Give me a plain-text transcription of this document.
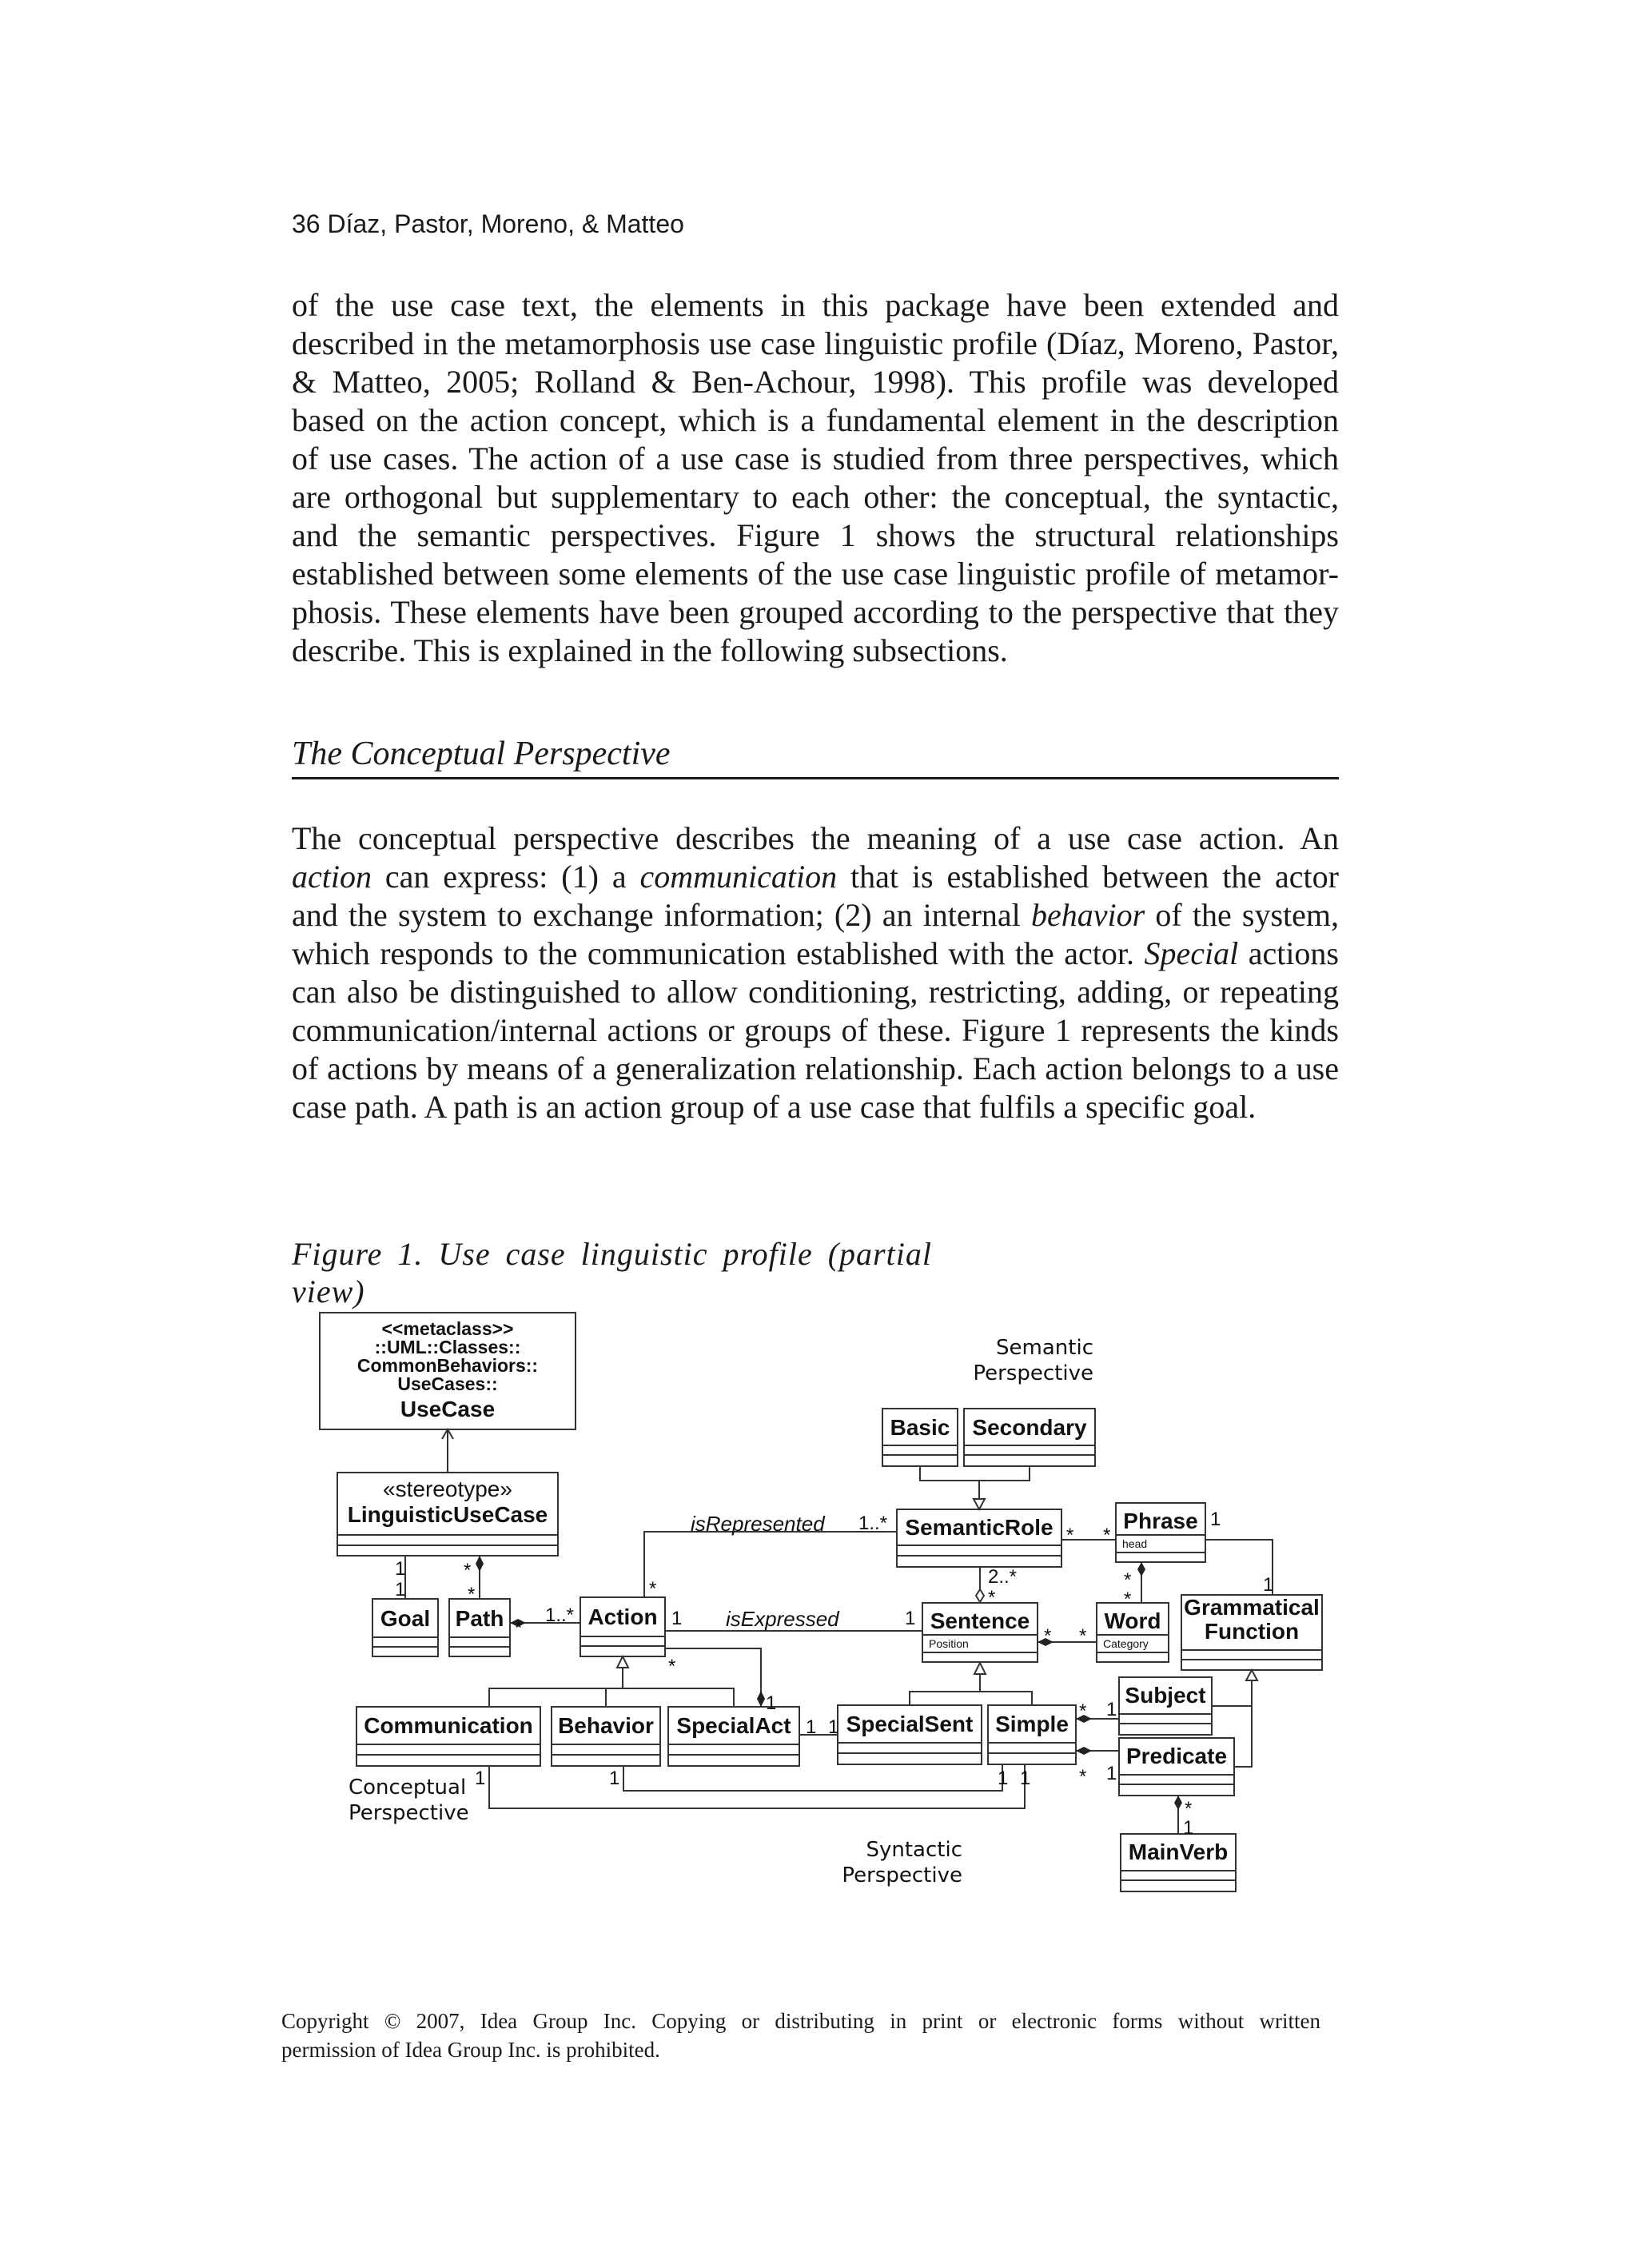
36 Díaz, Pastor, Moreno, & Matteo
of the use case text, the elements in this package have been extended and
described in the metamorphosis use case linguistic profile (Díaz, Moreno, Pastor,
& Matteo, 2005; Rolland & Ben-Achour, 1998). This profile was developed
based on the action concept, which is a fundamental element in the description
of use cases. The action of a use case is studied from three perspectives, which
are orthogonal but supplementary to each other: the conceptual, the syntactic,
and the semantic perspectives. Figure 1 shows the structural relationships
established between some elements of the use case linguistic profile of metamor-
phosis. These elements have been grouped according to the perspective that they
describe. This is explained in the following subsections.
The Conceptual Perspective
The conceptual perspective describes the meaning of a use case action. An
action can express: (1) a communication that is established between the actor
and the system to exchange information; (2) an internal behavior of the system,
which responds to the communication established with the actor. Special actions
can also be distinguished to allow conditioning, restricting, adding, or repeating
communication/internal actions or groups of these. Figure 1 represents the kinds
of actions by means of a generalization relationship. Each action belongs to a use
case path. A path is an action group of a use case that fulfils a specific goal.
Figure 1. Use case linguistic profile (partial view)
<<metaclass>>
::UML::Classes::
CommonBehaviors::
UseCases::
UseCase
«stereotype»
LinguisticUseCase
Goal Path	Action
Communication Behavior SpecialAct
Basic Secondary
SemanticRole	Phrase
head
Sentence
Position
Word
Category
Grammatical
Function
SpecialSent Simple
Subject
Predicate
MainVerb
isRepresented
isExpressed
1
1
*
*
*
1..*
*
1
*
1
1..*
1
1 1
* *
1
1
2..*
*
*
*
* *
* 1
* 1
*
1
1	1	1 1
Semantic
Perspective
Conceptual
Perspective
Syntactic
Perspective
Copyright © 2007, Idea Group Inc. Copying or distributing in print or electronic forms without written
permission of Idea Group Inc. is prohibited.
